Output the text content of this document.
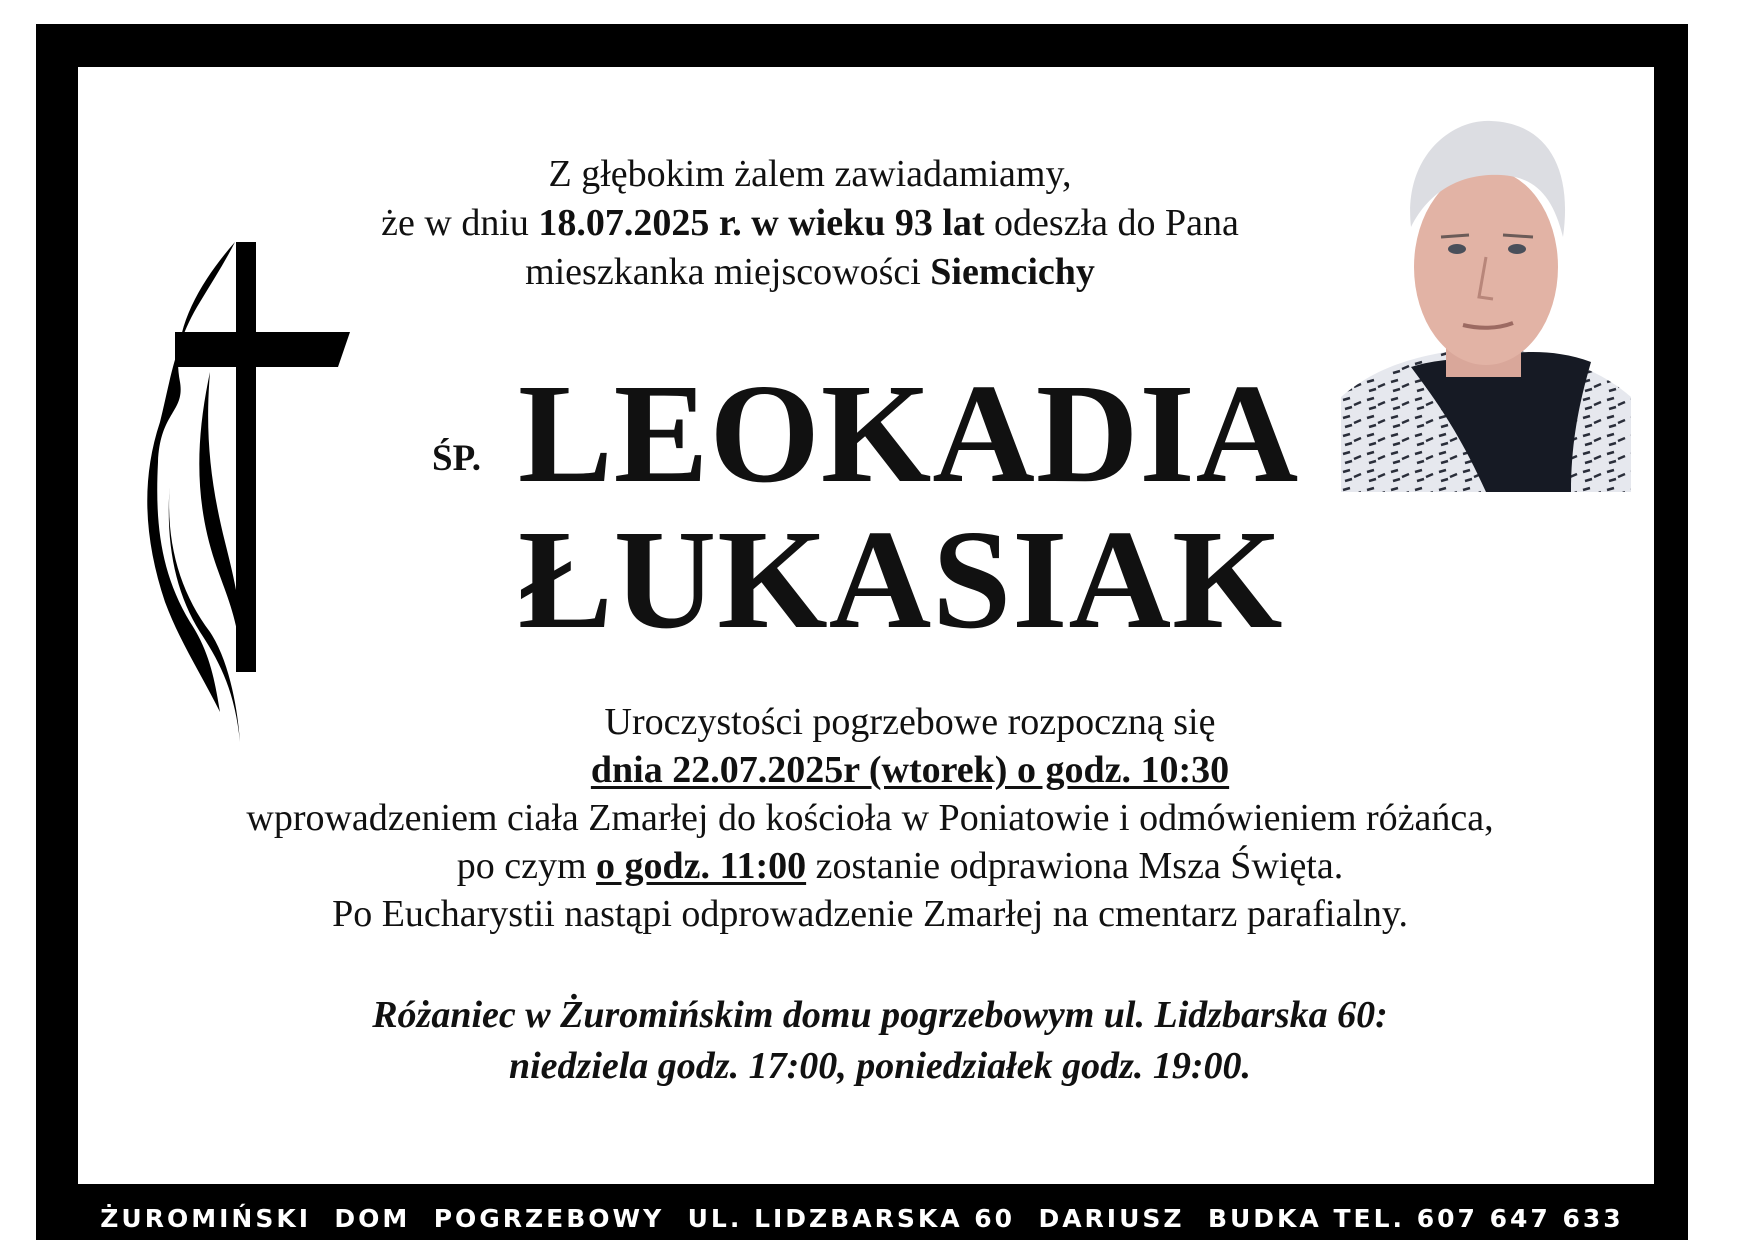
Z głębokim żalem zawiadamiamy,
że w dniu 18.07.2025 r. w wieku 93 lat odeszła do Pana
mieszkanka miejscowości Siemcichy
ŚP. LEOKADIA
ŁUKASIAK
Uroczystości pogrzebowe rozpoczną się
dnia 22.07.2025r (wtorek) o godz. 10:30
wprowadzeniem ciała Zmarłej do kościoła w Poniatowie i odmówieniem różańca,
po czym o godz. 11:00 zostanie odprawiona Msza Święta.
Po Eucharystii nastąpi odprowadzenie Zmarłej na cmentarz parafialny.
Różaniec w Żuromińskim domu pogrzebowym ul. Lidzbarska 60:
niedziela godz. 17:00, poniedziałek godz. 19:00.
ŻUROMIŃSKI  DOM  POGRZEBOWY  UL. LIDZBARSKA 60  DARIUSZ  BUDKA TEL. 607 647 633
